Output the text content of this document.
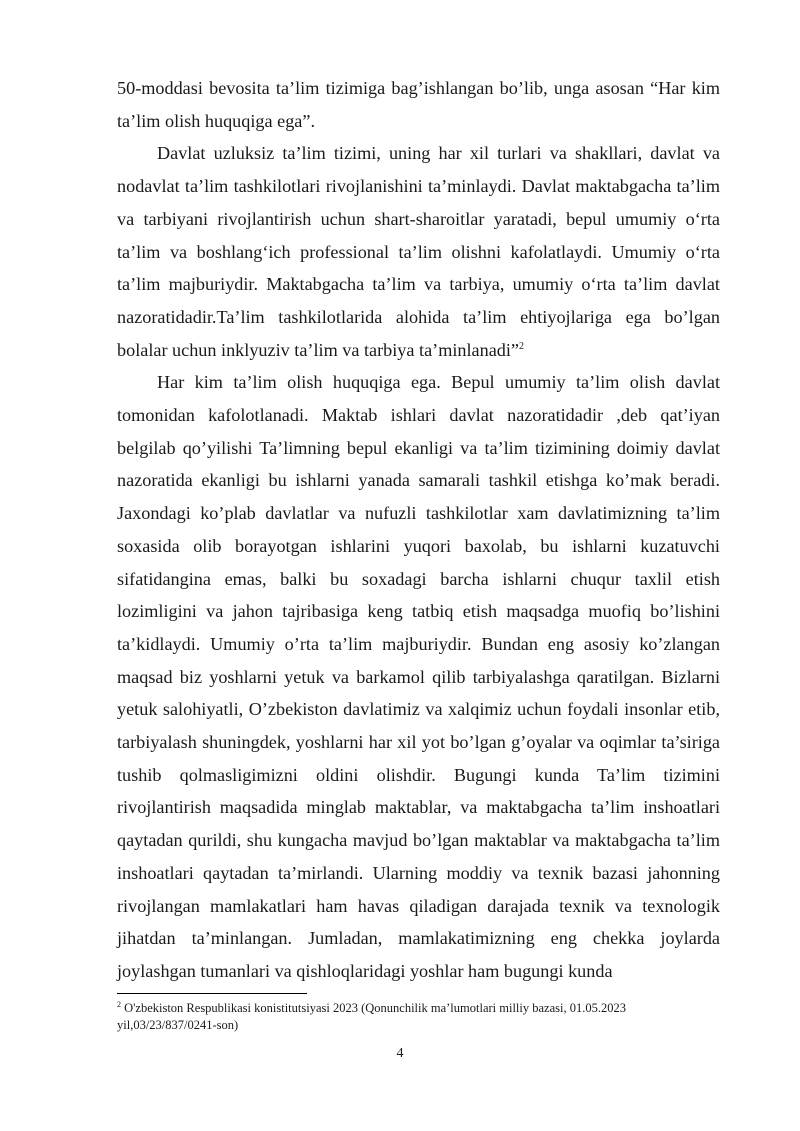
50-moddasi bevosita ta’lim tizimiga bag’ishlangan bo’lib, unga asosan “Har kim ta’lim olish huquqiga ega”.

Davlat uzluksiz ta’lim tizimi, uning har xil turlari va shakllari, davlat va nodavlat ta’lim tashkilotlari rivojlanishini ta’minlaydi. Davlat maktabgacha ta’lim va tarbiyani rivojlantirish uchun shart-sharoitlar yaratadi, bepul umumiy o‘rta ta’lim va boshlang‘ich professional ta’lim olishni kafolatlaydi. Umumiy o‘rta ta’lim majburiydir. Maktabgacha ta’lim va tarbiya, umumiy o‘rta ta’lim davlat nazoratidadir.Ta’lim tashkilotlarida alohida ta’lim ehtiyojlariga ega bo’lgan bolalar uchun inklyuziv ta’lim va tarbiya ta’minlanadi”$^2$

Har kim ta’lim olish huquqiga ega. Bepul umumiy ta’lim olish davlat tomonidan kafolotlanadi. Maktab ishlari davlat nazoratidadir ,deb qat’iyan belgilab qo’yilishi Ta’limning bepul ekanligi va ta’lim tizimining doimiy davlat nazoratida ekanligi bu ishlarni yanada samarali tashkil etishga ko’mak beradi. Jaxondagi ko’plab davlatlar va nufuzli tashkilotlar xam davlatimizning ta’lim soxasida olib borayotgan ishlarini yuqori baxolab, bu ishlarni kuzatuvchi sifatidangina emas, balki bu soxadagi barcha ishlarni chuqur taxlil etish lozimligini va jahon tajribasiga keng tatbiq etish maqsadga muofiq bo’lishini ta’kidlaydi. Umumiy o’rta ta’lim majburiydir. Bundan eng asosiy ko’zlangan maqsad biz yoshlarni yetuk va barkamol qilib tarbiyalashga qaratilgan. Bizlarni yetuk salohiyatli, O’zbekiston davlatimiz va xalqimiz uchun foydali insonlar etib, tarbiyalash shuningdek, yoshlarni har xil yot bo’lgan g’oyalar va oqimlar ta’siriga tushib qolmasligimizni oldini olishdir. Bugungi kunda Ta’lim tizimini rivojlantirish maqsadida minglab maktablar, va maktabgacha ta’lim inshoatlari qaytadan qurildi, shu kungacha mavjud bo’lgan maktablar va maktabgacha ta’lim inshoatlari qaytadan ta’mirlandi. Ularning moddiy va texnik bazasi jahonning rivojlangan mamlakatlari ham havas qiladigan darajada texnik va texnologik jihatdan ta’minlangan. Jumladan, mamlakatimizning eng chekka joylarda joylashgan tumanlari va qishloqlaridagi yoshlar ham bugungi kunda

$^2$ O'zbekiston Respublikasi konistitutsiyasi 2023 (Qonunchilik ma’lumotlari milliy bazasi, 01.05.2023 yil,03/23/837/0241-son)
4
